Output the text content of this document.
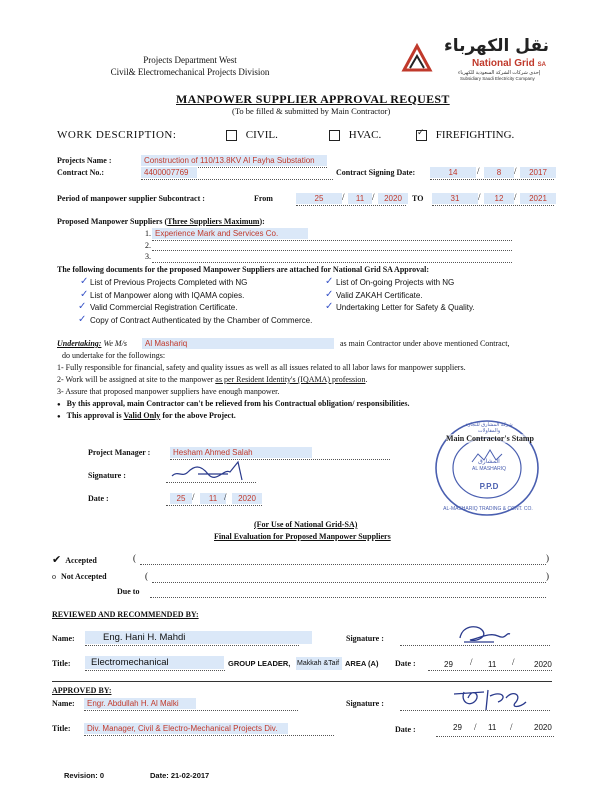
Projects Department West
Civil& Electromechanical Projects Division
نقل الكهرباء
National Grid SA
إحدى شركات الشركة السعودية للكهرباء
Subsidiary Saudi Electricity Company
MANPOWER SUPPLIER APPROVAL REQUEST
(To be filled & submitted by Main Contractor)
WORK DESCRIPTION:	CIVIL.	HVAC.	✓ FIREFIGHTING.
Projects Name :	Construction of 110/13.8KV Al Fayha Substation
Contract No.:	4400007769	Contract Signing Date:	14	/	8	/	2017
Period of manpower supplier Subcontract :	From	25	/	11 /	2020	TO	31	/	12	/	2021
Proposed Manpower Suppliers (Three Suppliers Maximum):
1. Experience Mark and Services Co.
2.
3.
The following documents for the proposed Manpower Suppliers are attached for National Grid SA Approval:
✓ List of Previous Projects Completed with NG	✓ List of On-going Projects with NG
✓ List of Manpower along with IQAMA copies.	✓ Valid ZAKAH Certificate.
✓ Valid Commercial Registration Certificate.	✓ Undertaking Letter for Safety & Quality.
✓ Copy of Contract Authenticated by the Chamber of Commerce.
Undertaking: We M/s	Al Mashariq	as main Contractor under above mentioned Contract,
do undertake for the followings:
1- Fully responsible for financial, safety and quality issues as well as all issues related to all labor laws for manpower suppliers.
2- Work will be assigned at site to the manpower as per Resident Identity's (IQAMA) profession.
3- Assure that proposed manpower suppliers have enough manpower.
● By this approval, main Contractor can't be relieved from his Contractual obligation/ responsibilities.
● This approval is Valid Only for the above Project.
Project Manager :	Hesham Ahmed Salah
Signature :
Date :	25 /	11 /	2020
شركة المشارق للتجارة والمقاولات
المشارق
AL MASHARIQ
P.P.D
AL-MASHARIQ TRADING & CONT. CO.
Main Contractor's Stamp
(For Use of National Grid-SA)
Final Evaluation for Proposed Manpower Suppliers
✔ Accepted	(	)
o Not Accepted	(	)
Due to
REVIEWED AND RECOMMENDED BY:
Name:	Eng. Hani H. Mahdi	Signature :
Title:	Electromechanical	GROUP LEADER, Makkah &Taif AREA (A) Date :	29 / 11 / 2020
APPROVED BY:
Name:	Engr. Abdullah H. Al Malki	Signature :
Title:	Div. Manager, Civil & Electro-Mechanical Projects Div.	Date :	29 / 11 /	2020
Revision: 0	Date: 21-02-2017
